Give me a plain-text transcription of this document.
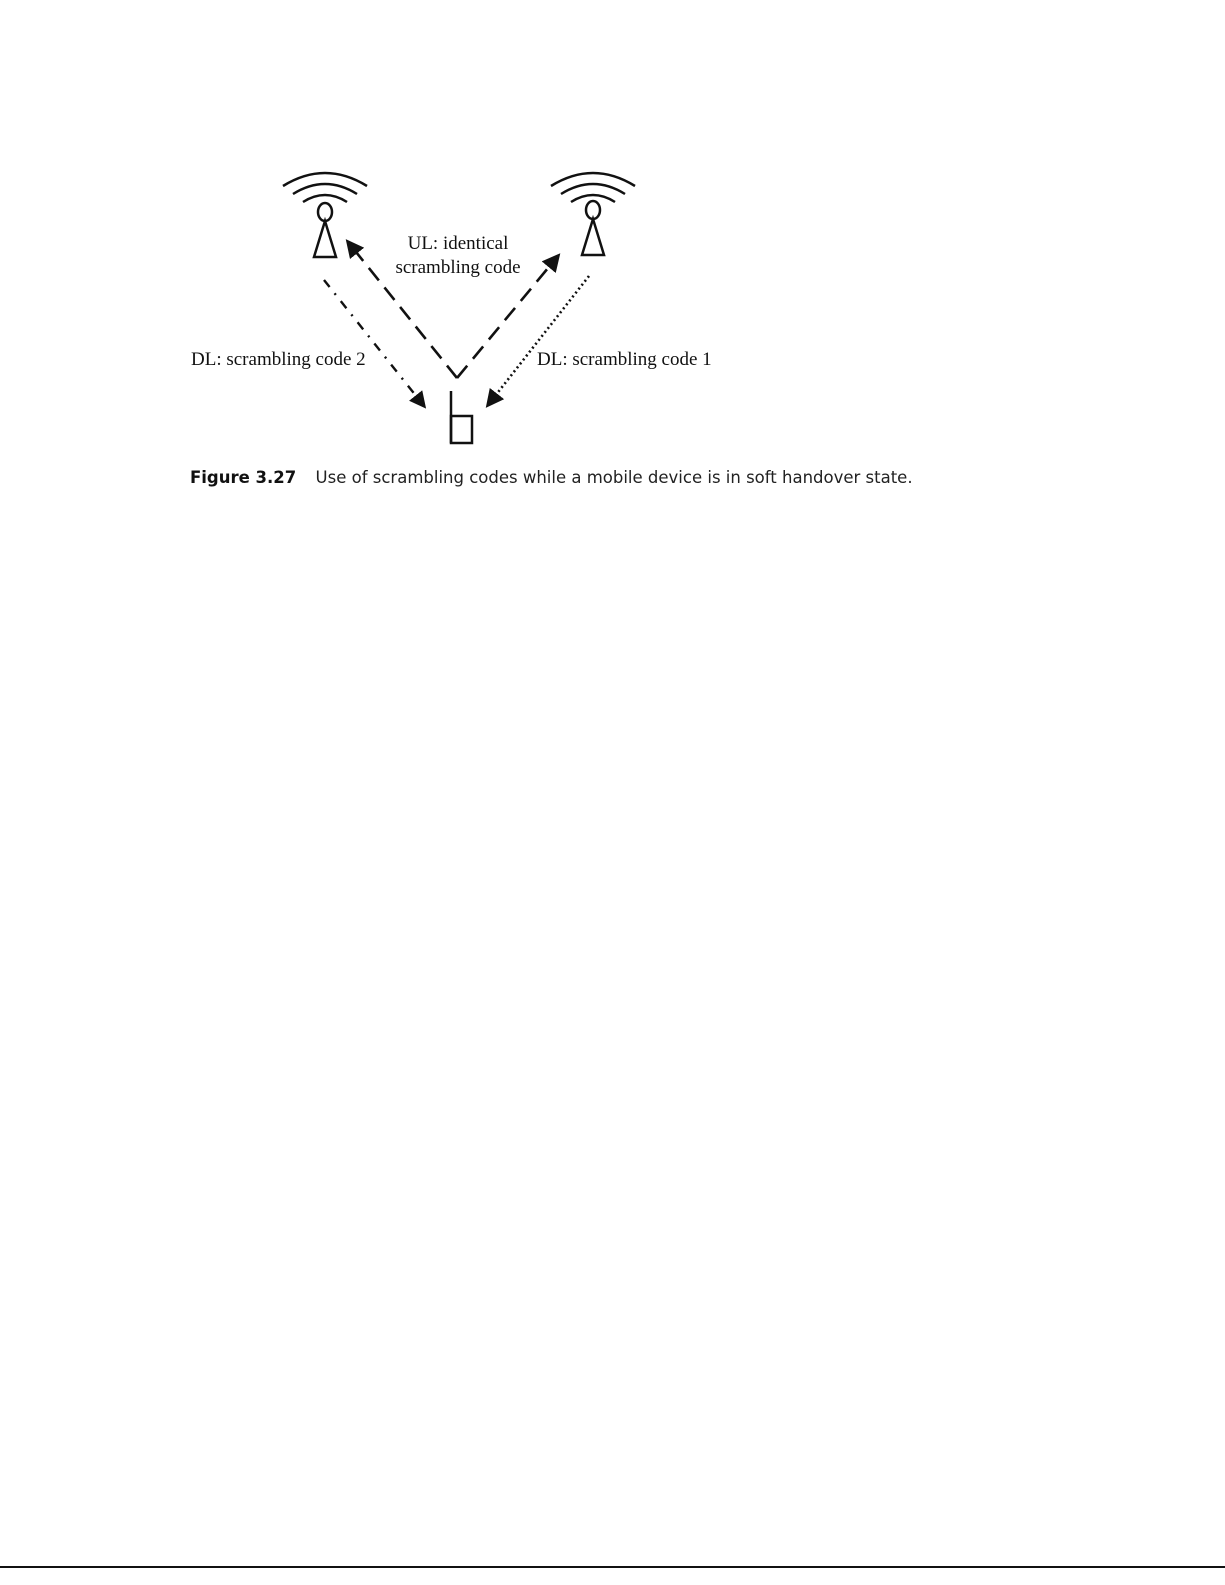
UL: identical
scrambling code
DL: scrambling code 2	DL: scrambling code 1
Figure 3.27 Use of scrambling codes while a mobile device is in soft handover state.
